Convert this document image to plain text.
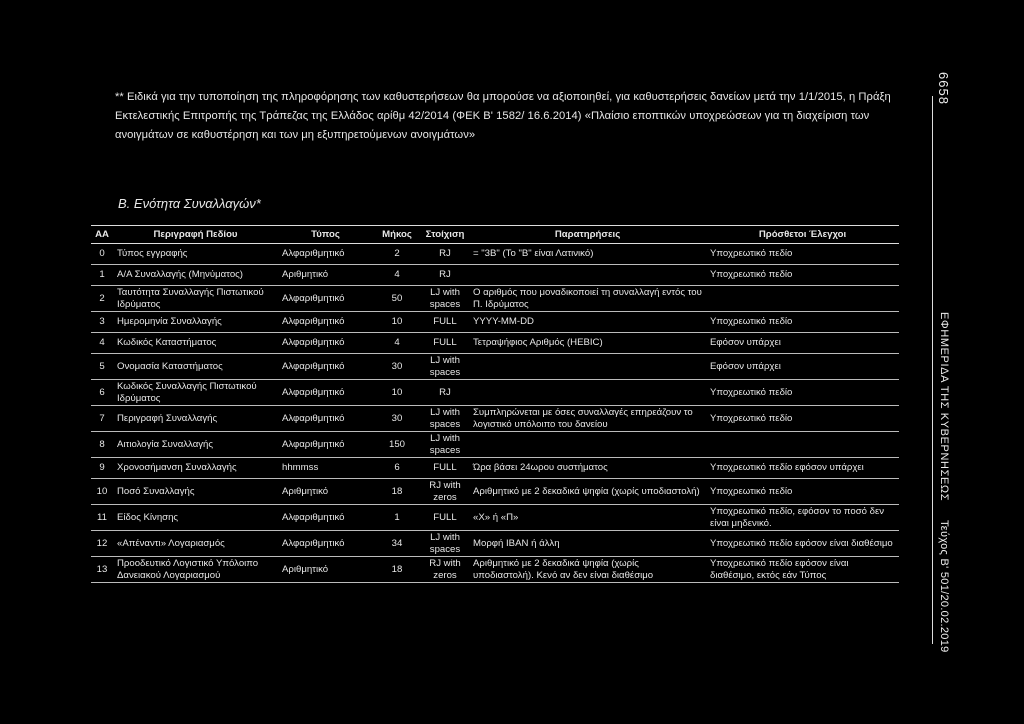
** Ειδικά για την τυποποίηση της πληροφόρησης των καθυστερήσεων θα μπορούσε να αξιοποιηθεί, για καθυστερήσεις δανείων μετά την 1/1/2015, η Πράξη Εκτελεστικής Επιτροπής της Τράπεζας της Ελλάδος αρίθμ 42/2014 (ΦΕΚ Β' 1582/ 16.6.2014) «Πλαίσιο εποπτικών υποχρεώσεων για τη διαχείριση των ανοιγμάτων σε καθυστέρηση και των μη εξυπηρετούμενων ανοιγμάτων»
Β. Ενότητα Συναλλαγών*
6658
ΕΦΗΜΕΡΙΔΑ ΤΗΣ ΚΥΒΕΡΝΗΣΕΩΣ
Τεύχος Β' 501/20.02.2019
ΑΑ	Περιγραφή Πεδίου	Τύπος	Μήκος	Στοίχιση	Παρατηρήσεις	Πρόσθετοι Έλεγχοι
0	Τύπος εγγραφής	Αλφαριθμητικό	2	RJ	= "3Β" (Το "Β" είναι Λατινικό)	Υποχρεωτικό πεδίο
1	Α/Α Συναλλαγής (Μηνύματος)	Αριθμητικό	4	RJ		Υποχρεωτικό πεδίο
2	Ταυτότητα Συναλλαγής Πιστωτικού Ιδρύματος	Αλφαριθμητικό	50	LJ with spaces	Ο αριθμός που μοναδικοποιεί τη συναλλαγή εντός του Π. Ιδρύματος	
3	Ημερομηνία Συναλλαγής	Αλφαριθμητικό	10	FULL	YYYY-MM-DD	Υποχρεωτικό πεδίο
4	Κωδικός Καταστήματος	Αλφαριθμητικό	4	FULL	Τετραψήφιος Αριθμός (HEBIC)	Εφόσον υπάρχει
5	Ονομασία Καταστήματος	Αλφαριθμητικό	30	LJ with spaces		Εφόσον υπάρχει
6	Κωδικός Συναλλαγής Πιστωτικού Ιδρύματος	Αλφαριθμητικό	10	RJ		Υποχρεωτικό πεδίο
7	Περιγραφή Συναλλαγής	Αλφαριθμητικό	30	LJ with spaces	Συμπληρώνεται με όσες συναλλαγές επηρεάζουν το λογιστικό υπόλοιπο του δανείου	Υποχρεωτικό πεδίο
8	Αιτιολογία Συναλλαγής	Αλφαριθμητικό	150	LJ with spaces		
9	Χρονοσήμανση Συναλλαγής	hhmmss	6	FULL	Ώρα βάσει 24ωρου συστήματος	Υποχρεωτικό πεδίο εφόσον υπάρχει
10	Ποσό Συναλλαγής	Αριθμητικό	18	RJ with zeros	Αριθμητικό με 2 δεκαδικά ψηφία (χωρίς υποδιαστολή)	Υποχρεωτικό πεδίο
11	Είδος Κίνησης	Αλφαριθμητικό	1	FULL	«Χ» ή «Π»	Υποχρεωτικό πεδίο, εφόσον το ποσό δεν είναι μηδενικό.
12	«Απέναντι» Λογαριασμός	Αλφαριθμητικό	34	LJ with spaces	Μορφή IBAN ή άλλη	Υποχρεωτικό πεδίο εφόσον είναι διαθέσιμο
13	Προοδευτικό Λογιστικό Υπόλοιπο Δανειακού Λογαριασμού	Αριθμητικό	18	RJ with zeros	Αριθμητικό με 2 δεκαδικά ψηφία (χωρίς υποδιαστολή). Κενό αν δεν είναι διαθέσιμο	Υποχρεωτικό πεδίο εφόσον είναι διαθέσιμο, εκτός εάν Τύπος
